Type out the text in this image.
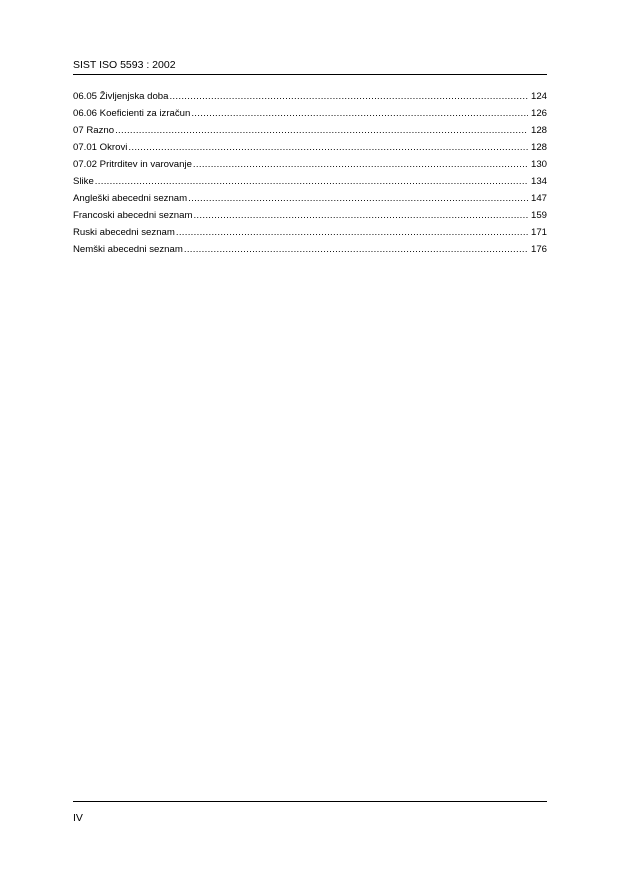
SIST ISO 5593 : 2002
06.05 Življenjska doba .....	124
06.06 Koeficienti za izračun .....	126
07 Razno .....	128
07.01 Okrovi .....	128
07.02 Pritrditev in varovanje .....	130
Slike .....	134
Angleški abecedni seznam .....	147
Francoski abecedni seznam .....	159
Ruski abecedni seznam .....	171
Nemški abecedni seznam .....	176
IV
